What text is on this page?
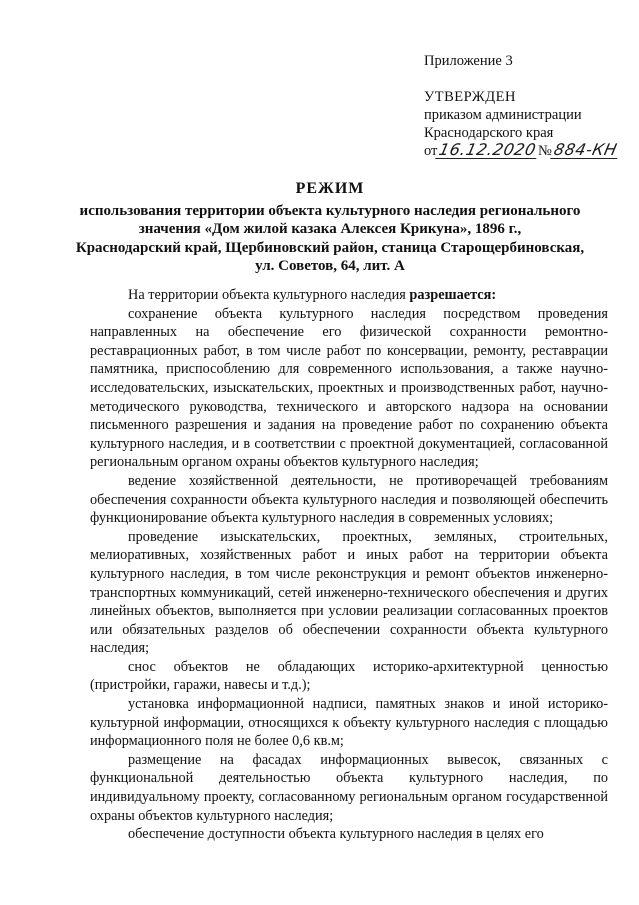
Приложение 3
УТВЕРЖДЕН
приказом администрации
Краснодарского края
от16.12.2020№884-КН
РЕЖИМ
использования территории объекта культурного наследия регионального
значения «Дом жилой казака Алексея Крикуна», 1896 г.,
Краснодарский край, Щербиновский район, станица Старощербиновская,
ул. Советов, 64, лит. А

На территории объекта культурного наследия разрешается:

сохранение объекта культурного наследия посредством проведения направленных на обеспечение его физической сохранности ремонтно-реставрационных работ, в том числе работ по консервации, ремонту, реставрации памятника, приспособлению для современного использования, а также научно-исследовательских, изыскательских, проектных и производственных работ, научно-методического руководства, технического и авторского надзора на основании письменного разрешения и задания на проведение работ по сохранению объекта культурного наследия, и в соответствии с проектной документацией, согласованной региональным органом охраны объектов культурного наследия;

ведение хозяйственной деятельности, не противоречащей требованиям обеспечения сохранности объекта культурного наследия и позволяющей обеспечить функционирование объекта культурного наследия в современных условиях;

проведение изыскательских, проектных, земляных, строительных, мелиоративных, хозяйственных работ и иных работ на территории объекта культурного наследия, в том числе реконструкция и ремонт объектов инженерно-транспортных коммуникаций, сетей инженерно-технического обеспечения и других линейных объектов, выполняется при условии реализации согласованных проектов или обязательных разделов об обеспечении сохранности объекта культурного наследия;

снос объектов не обладающих историко-архитектурной ценностью (пристройки, гаражи, навесы и т.д.);

установка информационной надписи, памятных знаков и иной историко-культурной информации, относящихся к объекту культурного наследия с площадью информационного поля не более 0,6 кв.м;

размещение на фасадах информационных вывесок, связанных с функциональной деятельностью объекта культурного наследия, по индивидуальному проекту, согласованному региональным органом государственной охраны объектов культурного наследия;

обеспечение доступности объекта культурного наследия в целях его
